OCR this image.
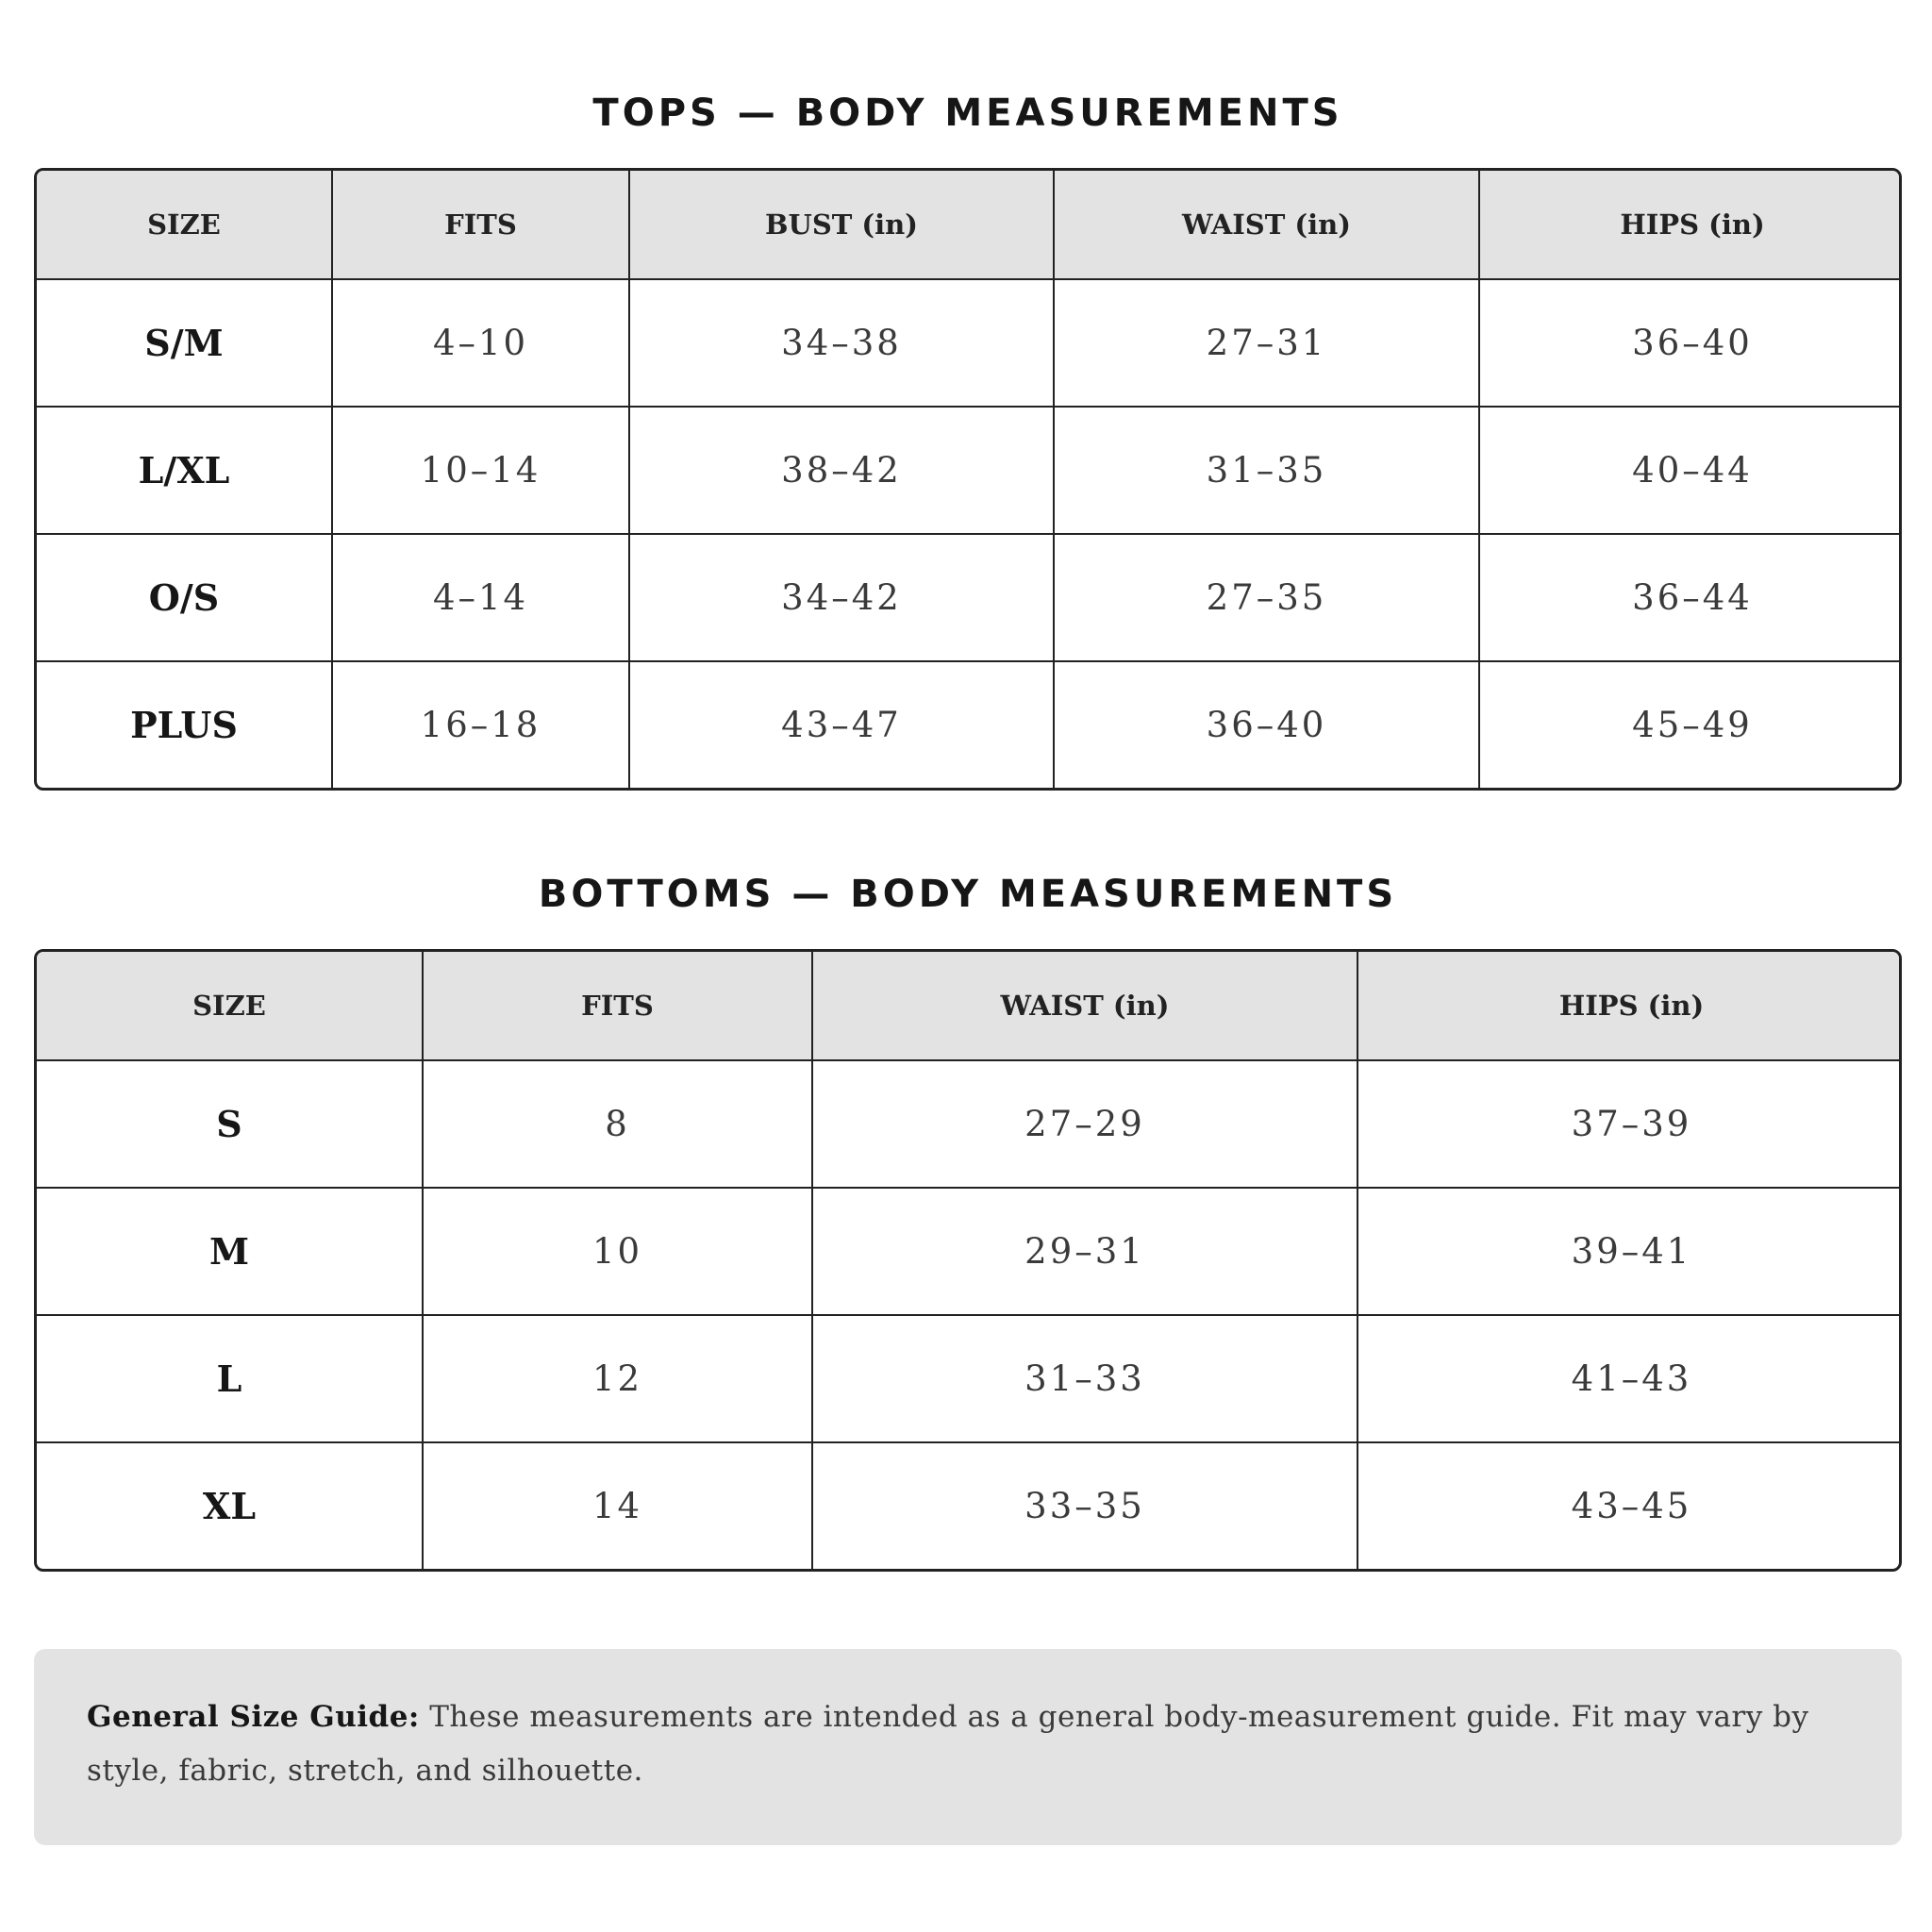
TOPS — BODY MEASUREMENTS
SIZE	FITS	BUST (in)	WAIST (in)	HIPS (in)
S/M	4–10	34–38	27–31	36–40
L/XL	10–14	38–42	31–35	40–44
O/S	4–14	34–42	27–35	36–44
PLUS	16–18	43–47	36–40	45–49
BOTTOMS — BODY MEASUREMENTS
SIZE	FITS	WAIST (in)	HIPS (in)
S	8	27–29	37–39
M	10	29–31	39–41
L	12	31–33	41–43
XL	14	33–35	43–45
General Size Guide: These measurements are intended as a general body-measurement guide. Fit may vary by style, fabric, stretch, and silhouette.
